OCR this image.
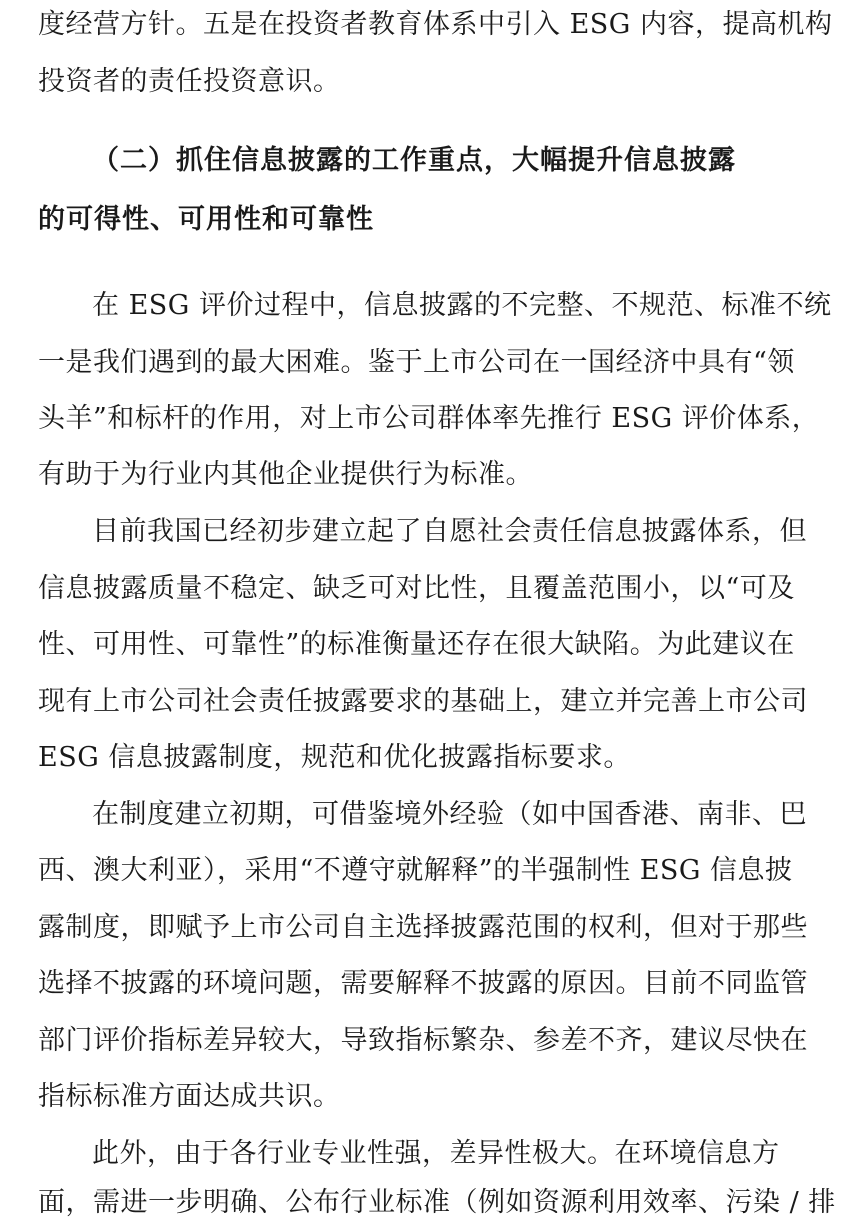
度经营方针。五是在投资者教育体系中引入 ESG 内容，提高机构
投资者的责任投资意识。
（二）抓住信息披露的工作重点，大幅提升信息披露
的可得性、可用性和可靠性
在 ESG 评价过程中，信息披露的不完整、不规范、标准不统
一是我们遇到的最大困难。鉴于上市公司在一国经济中具有“领
头羊”和标杆的作用，对上市公司群体率先推行 ESG 评价体系，
有助于为行业内其他企业提供行为标准。
目前我国已经初步建立起了自愿社会责任信息披露体系，但
信息披露质量不稳定、缺乏可对比性，且覆盖范围小，以“可及
性、可用性、可靠性”的标准衡量还存在很大缺陷。为此建议在
现有上市公司社会责任披露要求的基础上，建立并完善上市公司
ESG 信息披露制度，规范和优化披露指标要求。
在制度建立初期，可借鉴境外经验（如中国香港、南非、巴
西、澳大利亚），采用“不遵守就解释”的半强制性 ESG 信息披
露制度，即赋予上市公司自主选择披露范围的权利，但对于那些
选择不披露的环境问题，需要解释不披露的原因。目前不同监管
部门评价指标差异较大，导致指标繁杂、参差不齐，建议尽快在
指标标准方面达成共识。
此外，由于各行业专业性强，差异性极大。在环境信息方
面，需进一步明确、公布行业标准（例如资源利用效率、污染 / 排
